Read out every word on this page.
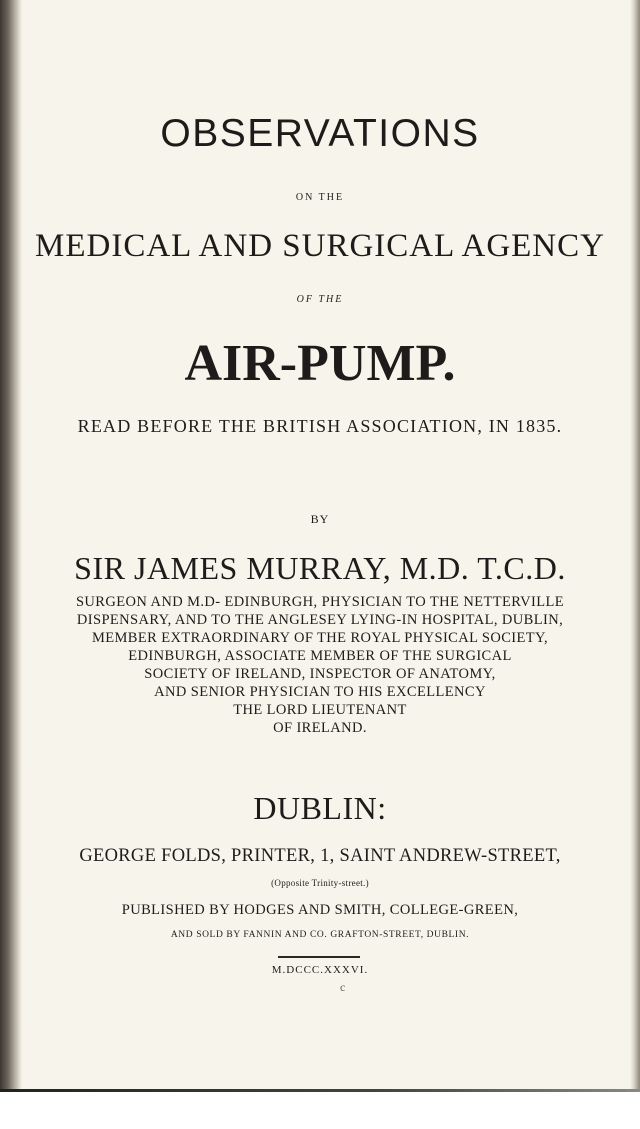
OBSERVATIONS
ON THE
MEDICAL AND SURGICAL AGENCY
OF THE
AIR-PUMP.
READ BEFORE THE BRITISH ASSOCIATION, IN 1835.
BY
SIR JAMES MURRAY, M.D. T.C.D.
SURGEON AND M.D- EDINBURGH, PHYSICIAN TO THE NETTERVILLE
DISPENSARY, AND TO THE ANGLESEY LYING-IN HOSPITAL, DUBLIN,
MEMBER EXTRAORDINARY OF THE ROYAL PHYSICAL SOCIETY,
EDINBURGH, ASSOCIATE MEMBER OF THE SURGICAL
SOCIETY OF IRELAND, INSPECTOR OF ANATOMY,
AND SENIOR PHYSICIAN TO HIS EXCELLENCY
THE LORD LIEUTENANT
OF IRELAND.
DUBLIN:
GEORGE FOLDS, PRINTER, 1, SAINT ANDREW-STREET,
(Opposite Trinity-street.)
PUBLISHED BY HODGES AND SMITH, COLLEGE-GREEN,
AND SOLD BY FANNIN AND CO. GRAFTON-STREET, DUBLIN.
M.DCCC.XXXVI.
c
